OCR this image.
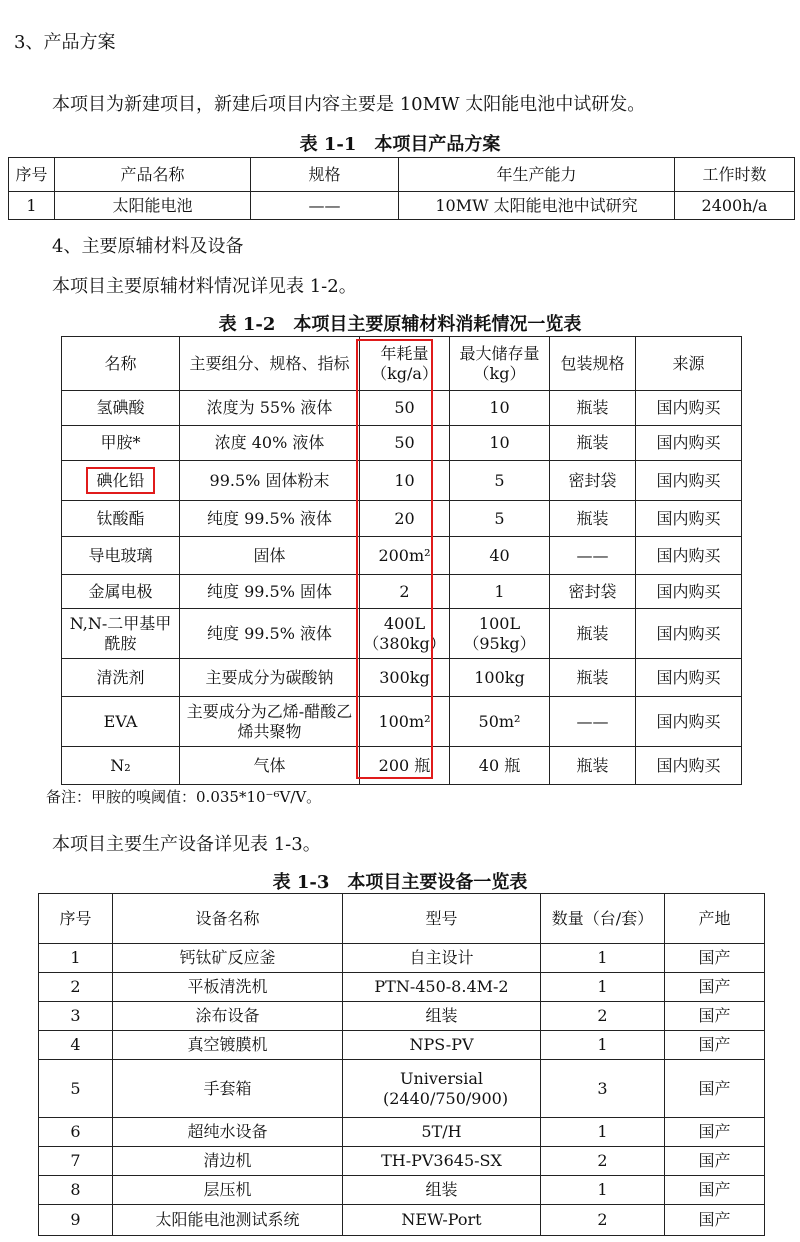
3、产品方案
本项目为新建项目，新建后项目内容主要是 10MW 太阳能电池中试研发。
表 1-1　本项目产品方案
序号	产品名称	规格	年生产能力	工作时数
1	太阳能电池	——	10MW 太阳能电池中试研究	2400h/a
4、主要原辅材料及设备
本项目主要原辅材料情况详见表 1-2。
表 1-2　本项目主要原辅材料消耗情况一览表
名称	主要组分、规格、指标	年耗量（kg/a）	最大储存量（kg）	包装规格	来源
氢碘酸	浓度为 55% 液体	50	10	瓶装	国内购买
甲胺*	浓度 40% 液体	50	10	瓶装	国内购买
碘化铅	99.5% 固体粉末	10	5	密封袋	国内购买
钛酸酯	纯度 99.5% 液体	20	5	瓶装	国内购买
导电玻璃	固体	200m²	40	——	国内购买
金属电极	纯度 99.5% 固体	2	1	密封袋	国内购买
N,N-二甲基甲酰胺	纯度 99.5% 液体	400L（380kg）	100L（95kg）	瓶装	国内购买
清洗剂	主要成分为碳酸钠	300kg	100kg	瓶装	国内购买
EVA	主要成分为乙烯-醋酸乙烯共聚物	100m²	50m²	——	国内购买
N₂	气体	200 瓶	40 瓶	瓶装	国内购买
备注：甲胺的嗅阈值：0.035*10⁻⁶V/V。
本项目主要生产设备详见表 1-3。
表 1-3　本项目主要设备一览表
序号	设备名称	型号	数量（台/套）	产地
1	钙钛矿反应釜	自主设计	1	国产
2	平板清洗机	PTN-450-8.4M-2	1	国产
3	涂布设备	组装	2	国产
4	真空镀膜机	NPS-PV	1	国产
5	手套箱	Universial (2440/750/900)	3	国产
6	超纯水设备	5T/H	1	国产
7	清边机	TH-PV3645-SX	2	国产
8	层压机	组装	1	国产
9	太阳能电池测试系统	NEW-Port	2	国产
